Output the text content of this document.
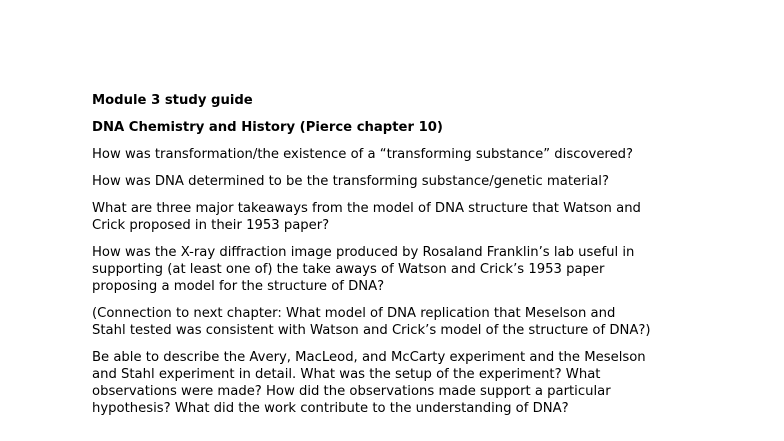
Module 3 study guide
DNA Chemistry and History (Pierce chapter 10)
How was transformation/the existence of a “transforming substance” discovered?
How was DNA determined to be the transforming substance/genetic material?
What are three major takeaways from the model of DNA structure that Watson and
Crick proposed in their 1953 paper?
How was the X-ray diffraction image produced by Rosaland Franklin’s lab useful in
supporting (at least one of) the take aways of Watson and Crick’s 1953 paper
proposing a model for the structure of DNA?
(Connection to next chapter: What model of DNA replication that Meselson and
Stahl tested was consistent with Watson and Crick’s model of the structure of DNA?)
Be able to describe the Avery, MacLeod, and McCarty experiment and the Meselson
and Stahl experiment in detail. What was the setup of the experiment? What
observations were made? How did the observations made support a particular
hypothesis? What did the work contribute to the understanding of DNA?
